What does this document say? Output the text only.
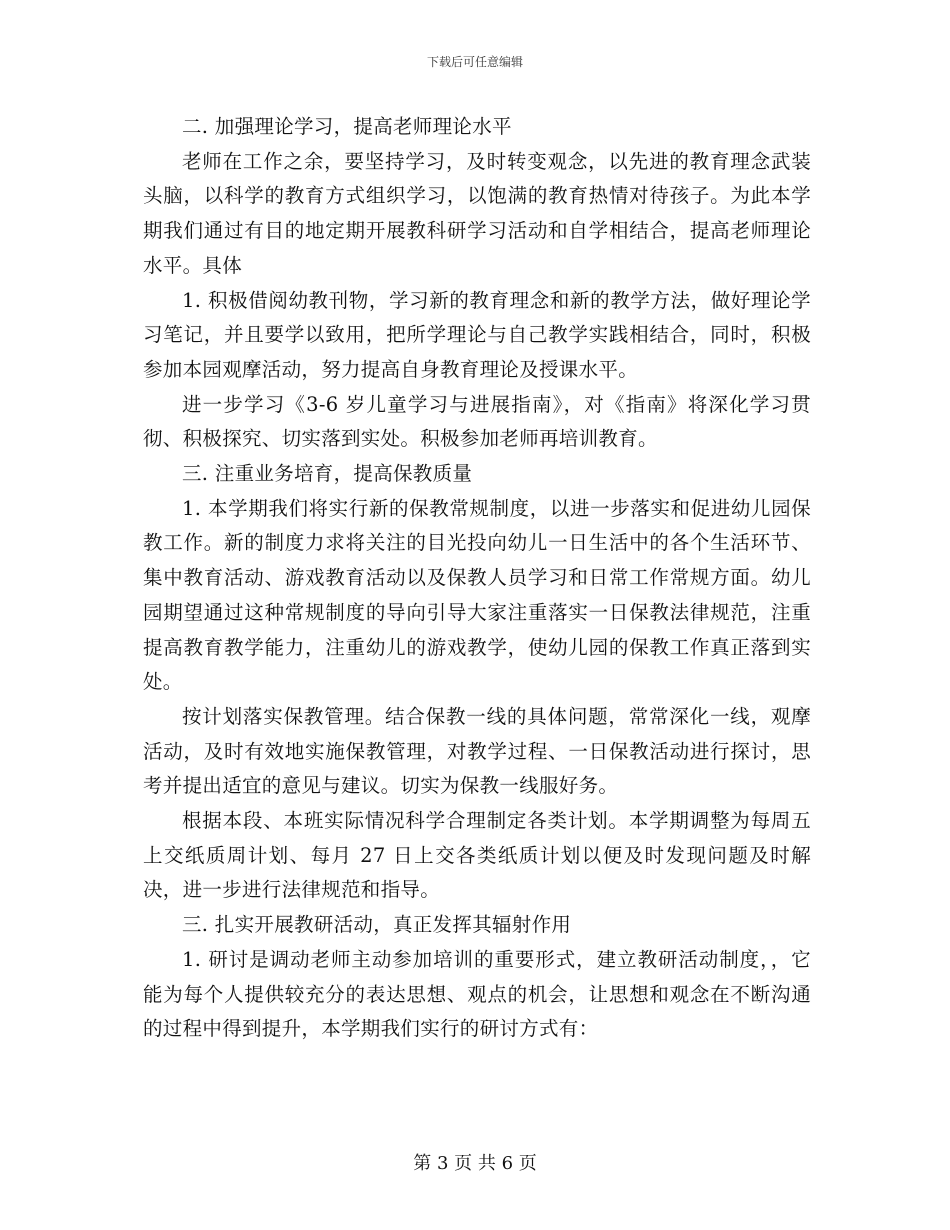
下载后可任意编辑

二. 加强理论学习，提高老师理论水平

老师在工作之余，要坚持学习，及时转变观念，以先进的教育理念武装头脑，以科学的教育方式组织学习，以饱满的教育热情对待孩子。为此本学期我们通过有目的地定期开展教科研学习活动和自学相结合，提高老师理论水平。具体

1. 积极借阅幼教刊物，学习新的教育理念和新的教学方法，做好理论学习笔记，并且要学以致用，把所学理论与自己教学实践相结合，同时，积极参加本园观摩活动，努力提高自身教育理论及授课水平。

进一步学习《3-6 岁儿童学习与进展指南》，对《指南》将深化学习贯彻、积极探究、切实落到实处。积极参加老师再培训教育。

三. 注重业务培育，提高保教质量

1. 本学期我们将实行新的保教常规制度，以进一步落实和促进幼儿园保教工作。新的制度力求将关注的目光投向幼儿一日生活中的各个生活环节、集中教育活动、游戏教育活动以及保教人员学习和日常工作常规方面。幼儿园期望通过这种常规制度的导向引导大家注重落实一日保教法律规范，注重提高教育教学能力，注重幼儿的游戏教学，使幼儿园的保教工作真正落到实处。

按计划落实保教管理。结合保教一线的具体问题，常常深化一线，观摩活动，及时有效地实施保教管理，对教学过程、一日保教活动进行探讨，思考并提出适宜的意见与建议。切实为保教一线服好务。

根据本段、本班实际情况科学合理制定各类计划。本学期调整为每周五上交纸质周计划、每月 27 日上交各类纸质计划以便及时发现问题及时解决，进一步进行法律规范和指导。

三. 扎实开展教研活动，真正发挥其辐射作用

1. 研讨是调动老师主动参加培训的重要形式，建立教研活动制度，，它能为每个人提供较充分的表达思想、观点的机会，让思想和观念在不断沟通的过程中得到提升，本学期我们实行的研讨方式有：

第 3 页 共 6 页
